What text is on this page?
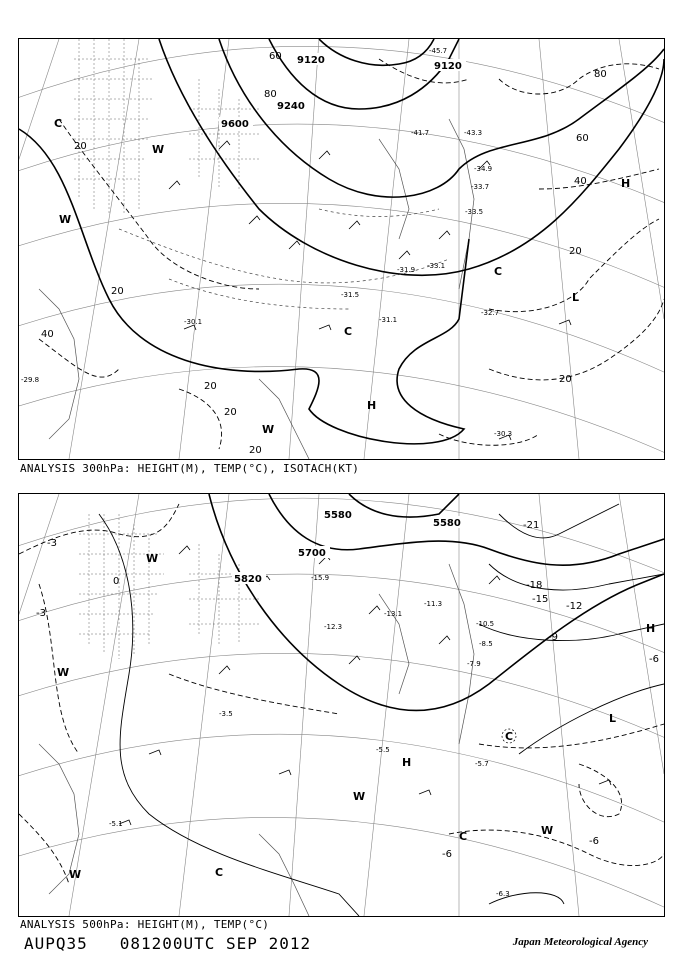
9120
9120
9240
9600
20
40
60
80
20
40
60
80
20
20
20
20
20
H
L
H
C
C
C
W
W
W
-45.7
-41.7	-43.3
-34.9
-33.7
-33.5
-31.9 -33.1
-31.5
-30.1
-29.8
-31.1
-30.3
-32.7
ANALYSIS 300hPa: HEIGHT(M), TEMP(°C), ISOTACH(KT)
5580
5580
5700
5820
-3
-3
0
-21
-18
-15
-12
-9
-6
-6
-6
-15.9
-12.3
-11.3
-13.1
-10.5
-8.5
-7.9
-5.5
-5.1
-5.7
-6.3
-3.5
H
L
H
C
C
C
W
W
W
W
W
ANALYSIS 500hPa: HEIGHT(M), TEMP(°C)
AUPQ35 081200UTC SEP 2012	Japan Meteorological Agency
